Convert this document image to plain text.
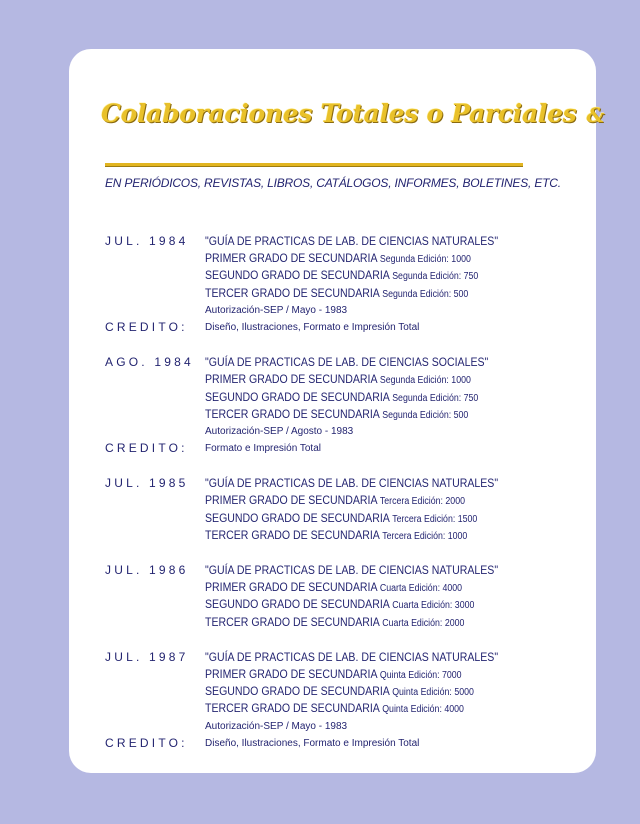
Colaboraciones Totales o Parciales &
EN PERIÓDICOS, REVISTAS, LIBROS, CATÁLOGOS, INFORMES, BOLETINES, ETC.
JUL. 1984	"GUÍA DE PRACTICAS DE LAB. DE CIENCIAS NATURALES"
PRIMER GRADO DE SECUNDARIA Segunda Edición: 1000
SEGUNDO GRADO DE SECUNDARIA Segunda Edición: 750
TERCER GRADO DE SECUNDARIA Segunda Edición: 500
Autorización-SEP / Mayo - 1983
CREDITO:	Diseño, Ilustraciones, Formato e Impresión Total
AGO. 1984 "GUÍA DE PRACTICAS DE LAB. DE CIENCIAS SOCIALES"
PRIMER GRADO DE SECUNDARIA Segunda Edición: 1000
SEGUNDO GRADO DE SECUNDARIA Segunda Edición: 750
TERCER GRADO DE SECUNDARIA Segunda Edición: 500
Autorización-SEP / Agosto - 1983
CREDITO:	Formato e Impresión Total
JUL. 1985	"GUÍA DE PRACTICAS DE LAB. DE CIENCIAS NATURALES"
PRIMER GRADO DE SECUNDARIA Tercera Edición: 2000
SEGUNDO GRADO DE SECUNDARIA Tercera Edición: 1500
TERCER GRADO DE SECUNDARIA Tercera Edición: 1000
JUL. 1986	"GUÍA DE PRACTICAS DE LAB. DE CIENCIAS NATURALES"
PRIMER GRADO DE SECUNDARIA Cuarta Edición: 4000
SEGUNDO GRADO DE SECUNDARIA Cuarta Edición: 3000
TERCER GRADO DE SECUNDARIA Cuarta Edición: 2000
JUL. 1987	"GUÍA DE PRACTICAS DE LAB. DE CIENCIAS NATURALES"
PRIMER GRADO DE SECUNDARIA Quinta Edición: 7000
SEGUNDO GRADO DE SECUNDARIA Quinta Edición: 5000
TERCER GRADO DE SECUNDARIA Quinta Edición: 4000
Autorización-SEP / Mayo - 1983
CREDITO:	Diseño, Ilustraciones, Formato e Impresión Total
